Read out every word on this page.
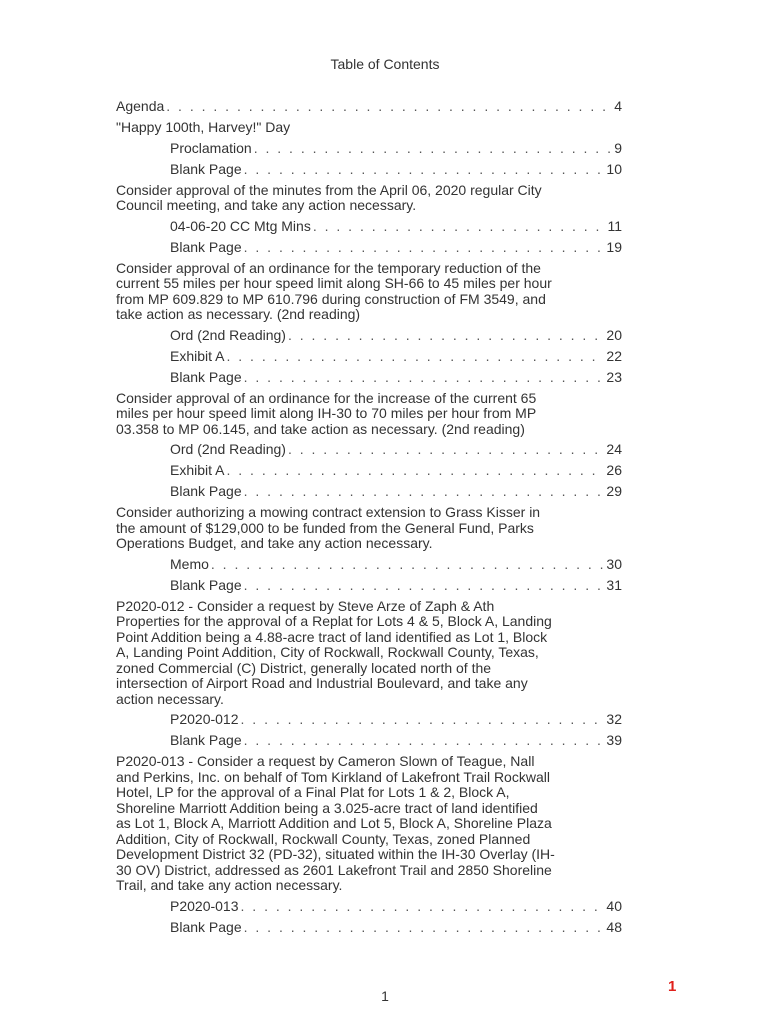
Table of Contents
Agenda . . .	4
"Happy 100th, Harvey!" Day
Proclamation . . .	9
Blank Page . . .	10
Consider approval of the minutes from the April 06, 2020 regular City Council meeting, and take any action necessary.
04-06-20 CC Mtg Mins . . .	11
Blank Page . . .	19
Consider approval of an ordinance for the temporary reduction of the current 55 miles per hour speed limit along SH-66 to 45 miles per hour from MP 609.829 to MP 610.796 during construction of FM 3549, and take action as necessary. (2nd reading)
Ord (2nd Reading) . . .	20
Exhibit A . . .	22
Blank Page . . .	23
Consider approval of an ordinance for the increase of the current 65 miles per hour speed limit along IH-30 to 70 miles per hour from MP 03.358 to MP 06.145, and take action as necessary. (2nd reading)
Ord (2nd Reading) . . .	24
Exhibit A . . .	26
Blank Page . . .	29
Consider authorizing a mowing contract extension to Grass Kisser in the amount of $129,000 to be funded from the General Fund, Parks Operations Budget, and take any action necessary.
Memo . . .	30
Blank Page . . .	31
P2020-012 - Consider a request by Steve Arze of Zaph & Ath Properties for the approval of a Replat for Lots 4 & 5, Block A, Landing Point Addition being a 4.88-acre tract of land identified as Lot 1, Block A, Landing Point Addition, City of Rockwall, Rockwall County, Texas, zoned Commercial (C) District, generally located north of the intersection of Airport Road and Industrial Boulevard, and take any action necessary.
P2020-012 . . .	32
Blank Page . . .	39
P2020-013 - Consider a request by Cameron Slown of Teague, Nall and Perkins, Inc. on behalf of Tom Kirkland of Lakefront Trail Rockwall Hotel, LP for the approval of a Final Plat for Lots 1 & 2, Block A, Shoreline Marriott Addition being a 3.025-acre tract of land identified as Lot 1, Block A, Marriott Addition and Lot 5, Block A, Shoreline Plaza Addition, City of Rockwall, Rockwall County, Texas, zoned Planned Development District 32 (PD-32), situated within the IH-30 Overlay (IH-30 OV) District, addressed as 2601 Lakefront Trail and 2850 Shoreline Trail, and take any action necessary.
P2020-013 . . .	40
Blank Page . . .	48
1
1
